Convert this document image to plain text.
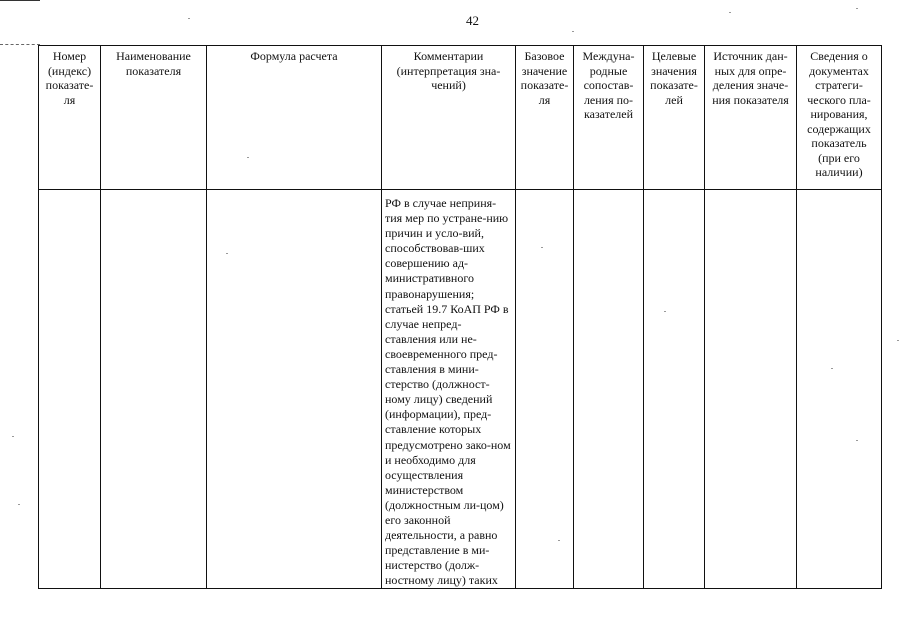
42
Номер (индекс) показате-ля	Наименование показателя	Формула расчета	Комментарии (интерпретация зна-чений)	Базовое значение показате-ля	Междуна-родные сопостав-ления по-казателей	Целевые значения показате-лей	Источник дан-ных для опре-деления значе-ния показателя	Сведения о документах стратеги-ческого пла-нирования, содержащих показатель (при его наличии)
			РФ в случае неприня-тия мер по устране-нию причин и усло-вий, способствовав-ших совершению ад-министративного правонарушения; статьей 19.7 КоАП РФ в случае непред-ставления или не-своевременного пред-ставления в мини-стерство (должност-ному лицу) сведений (информации), пред-ставление которых предусмотрено зако-ном и необходимо для осуществления министерством (должностным ли-цом) его законной деятельности, а равно представление в ми-нистерство (долж-ностному лицу) таких					
